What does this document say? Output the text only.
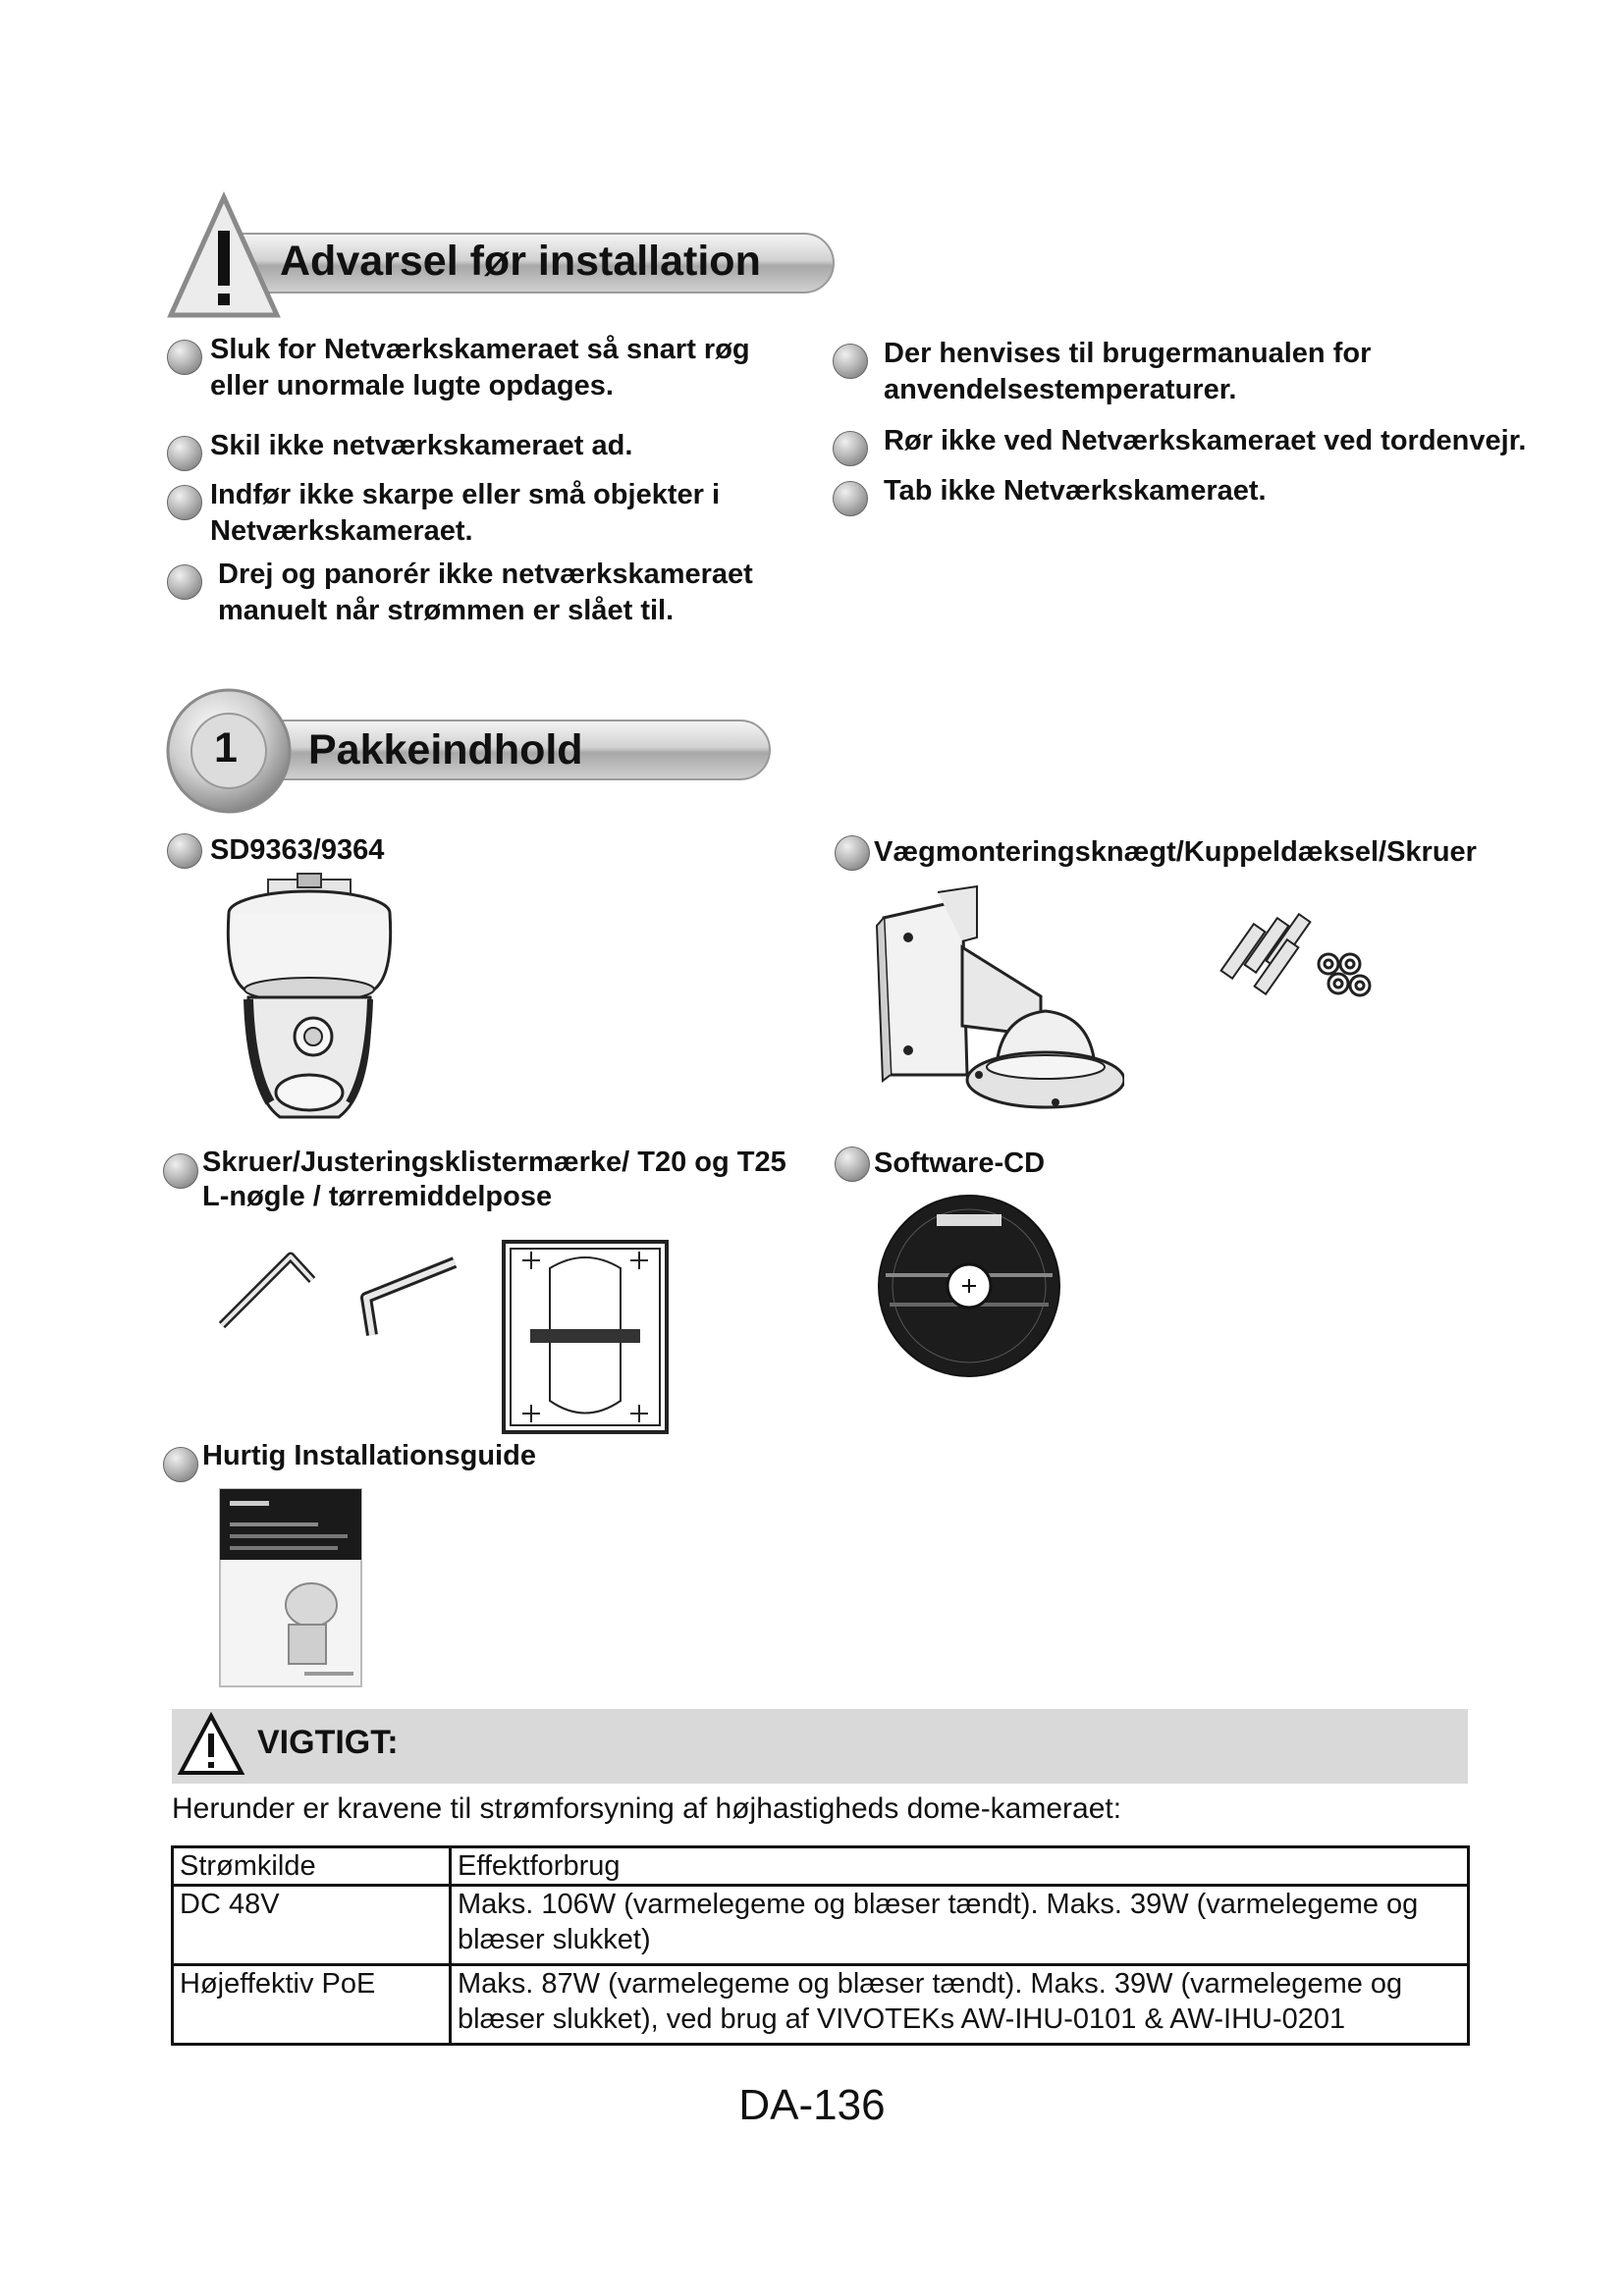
Advarsel før installation
Sluk for Netværkskameraet så snart røg eller unormale lugte opdages.
Skil ikke netværkskameraet ad.
Indfør ikke skarpe eller små objekter i Netværkskameraet.
Drej og panorér ikke netværkskameraet manuelt når strømmen er slået til.
Der henvises til brugermanualen for anvendelsestemperaturer.
Rør ikke ved Netværkskameraet ved tordenvejr.
Tab ikke Netværkskameraet.
1 Pakkeindhold
SD9363/9364	Vægmonteringsknægt/Kuppeldæksel/Skruer
Skruer/Justeringsklistermærke/ T20 og T25 L-nøgle / tørremiddelpose
Software-CD
Hurtig Installationsguide
VIGTIGT:
Herunder er kravene til strømforsyning af højhastigheds dome-kameraet:
Strømkilde	Effektforbrug
DC 48V	Maks. 106W (varmelegeme og blæser tændt). Maks. 39W (varmelegeme og blæser slukket)
Højeffektiv PoE	Maks. 87W (varmelegeme og blæser tændt). Maks. 39W (varmelegeme og blæser slukket), ved brug af VIVOTEKs AW-IHU-0101 & AW-IHU-0201
DA-136
